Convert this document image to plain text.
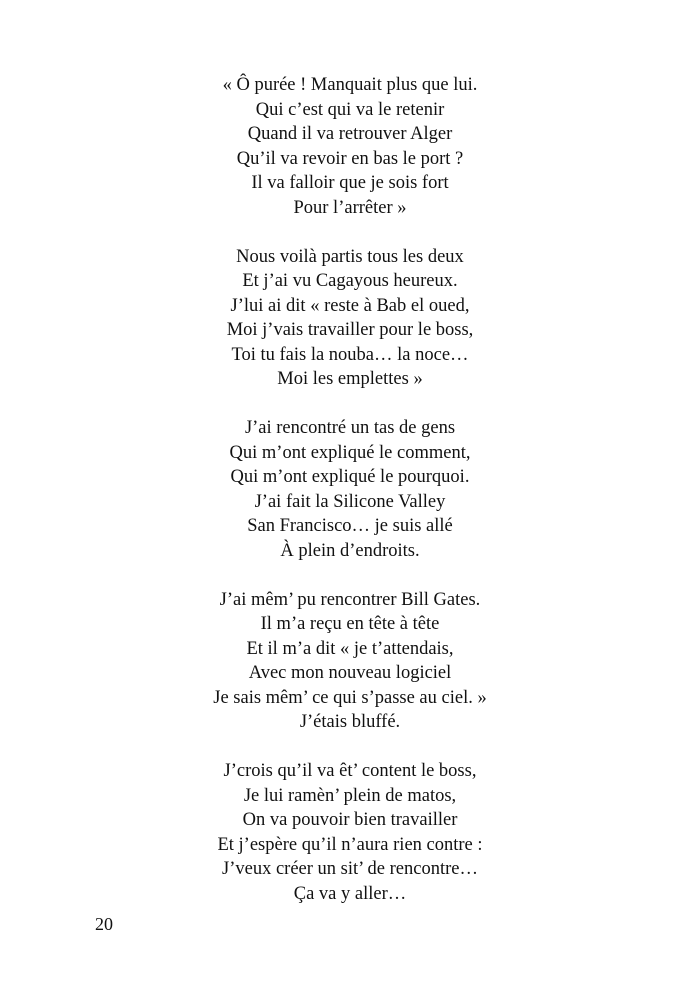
« Ô purée ! Manquait plus que lui.
Qui c’est qui va le retenir
Quand il va retrouver Alger
Qu’il va revoir en bas le port ?
Il va falloir que je sois fort
Pour l’arrêter »
Nous voilà partis tous les deux
Et j’ai vu Cagayous heureux.
J’lui ai dit « reste à Bab el oued,
Moi j’vais travailler pour le boss,
Toi tu fais la nouba… la noce…
Moi les emplettes »
J’ai rencontré un tas de gens
Qui m’ont expliqué le comment,
Qui m’ont expliqué le pourquoi.
J’ai fait la Silicone Valley
San Francisco… je suis allé
À plein d’endroits.
J’ai mêm’ pu rencontrer Bill Gates.
Il m’a reçu en tête à tête
Et il m’a dit « je t’attendais,
Avec mon nouveau logiciel
Je sais mêm’ ce qui s’passe au ciel. »
J’étais bluffé.
J’crois qu’il va êt’ content le boss,
Je lui ramèn’ plein de matos,
On va pouvoir bien travailler
Et j’espère qu’il n’aura rien contre :
J’veux créer un sit’ de rencontre…
Ça va y aller…
20
